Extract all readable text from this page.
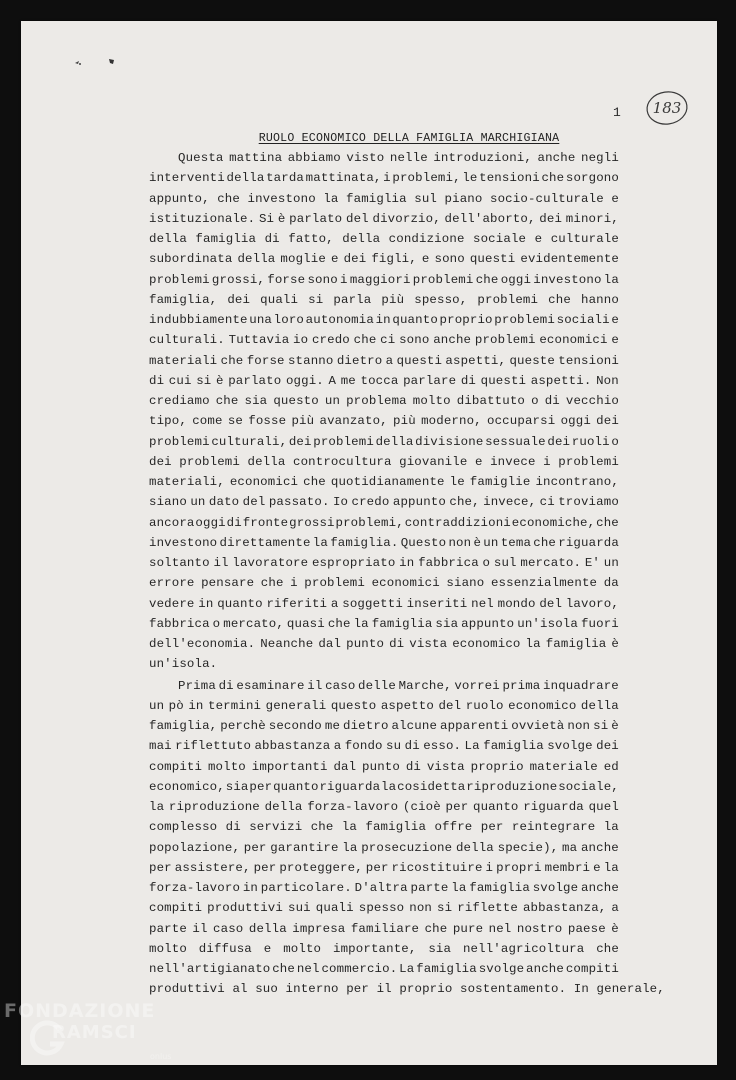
1	183
RUOLO ECONOMICO DELLA FAMIGLIA MARCHIGIANA
Questa mattina abbiamo visto nelle introduzioni, anche negli
interventi della tarda mattinata, i problemi, le tensioni che sorgono
appunto, che investono la famiglia sul piano socio-culturale e
istituzionale. Si è parlato del divorzio, dell'aborto, dei minori,
della famiglia di fatto, della condizione sociale e culturale
subordinata della moglie e dei figli, e sono questi evidentemente
problemi grossi, forse sono i maggiori problemi che oggi investono la
famiglia, dei quali si parla più spesso, problemi che hanno
indubbiamente una loro autonomia in quanto proprio problemi sociali e
culturali. Tuttavia io credo che ci sono anche problemi economici e
materiali che forse stanno dietro a questi aspetti, queste tensioni
di cui si è parlato oggi. A me tocca parlare di questi aspetti. Non
crediamo che sia questo un problema molto dibattuto o di vecchio
tipo, come se fosse più avanzato, più moderno, occuparsi oggi dei
problemi culturali, dei problemi della divisione sessuale dei ruoli o
dei problemi della controcultura giovanile e invece i problemi
materiali, economici che quotidianamente le famiglie incontrano,
siano un dato del passato. Io credo appunto che, invece, ci troviamo
ancora oggi di fronte grossi problemi, contraddizioni economiche, che
investono direttamente la famiglia. Questo non è un tema che riguarda
soltanto il lavoratore espropriato in fabbrica o sul mercato. E' un
errore pensare che i problemi economici siano essenzialmente da
vedere in quanto riferiti a soggetti inseriti nel mondo del lavoro,
fabbrica o mercato, quasi che la famiglia sia appunto un'isola fuori
dell'economia. Neanche dal punto di vista economico la famiglia è
un'isola.
Prima di esaminare il caso delle Marche, vorrei prima inquadrare
un pò in termini generali questo aspetto del ruolo economico della
famiglia, perchè secondo me dietro alcune apparenti ovvietà non si è
mai riflettuto abbastanza a fondo su di esso. La famiglia svolge dei
compiti molto importanti dal punto di vista proprio materiale ed
economico, sia per quanto riguarda la cosidetta riproduzione sociale,
la riproduzione della forza-lavoro (cioè per quanto riguarda quel
complesso di servizi che la famiglia offre per reintegrare la
popolazione, per garantire la prosecuzione della specie), ma anche
per assistere, per proteggere, per ricostituire i propri membri e la
forza-lavoro in particolare. D'altra parte la famiglia svolge anche
compiti produttivi sui quali spesso non si riflette abbastanza, a
parte il caso della impresa familiare che pure nel nostro paese è
molto diffusa e molto importante, sia nell'agricoltura che
nell'artigianato che nel commercio. La famiglia svolge anche compiti
produttivi al suo interno per il proprio sostentamento. In generale,
FONDAZIONE
RAMSCI
onlus
